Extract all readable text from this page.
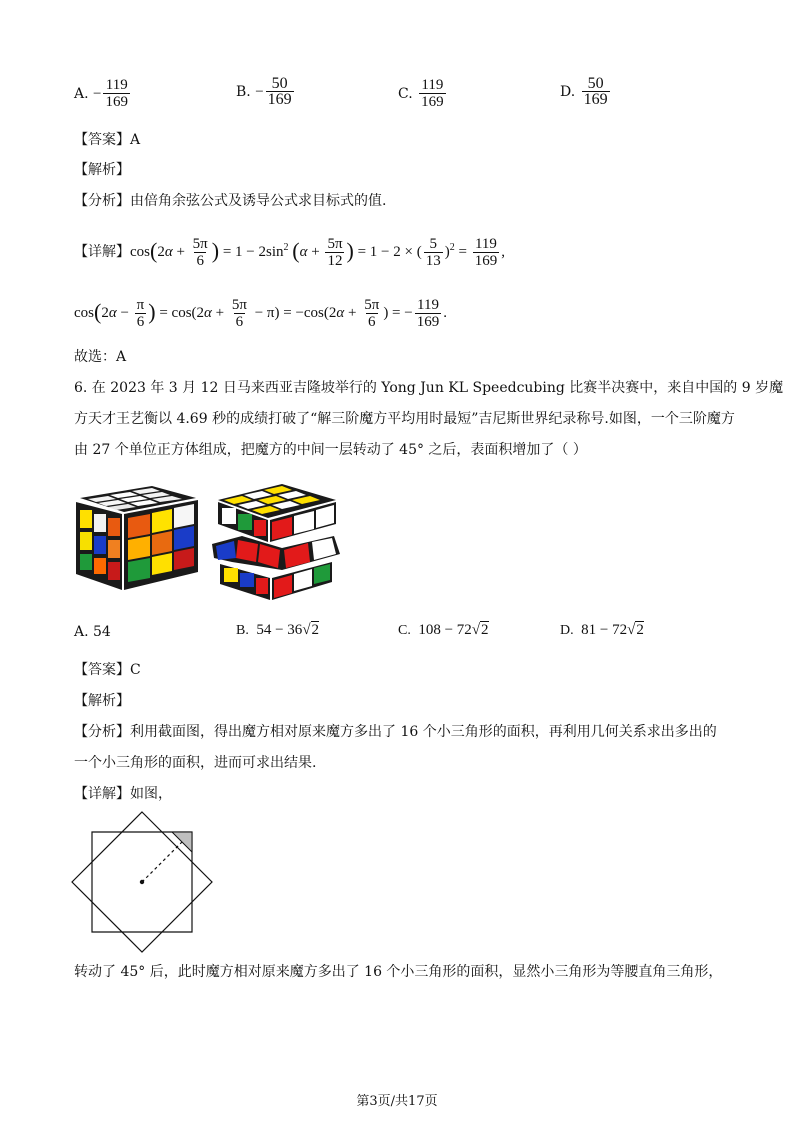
A. − $\frac{119}{169}$	B. − $\frac{50}{169}$	C. $\frac{119}{169}$	D. $\frac{50}{169}$
【答案】A
【解析】
【分析】由倍角余弦公式及诱导公式求目标式的值.
【详解】$\cos(2\alpha + \frac{5\pi}{6}$ ) = $1 - 2\sin^2$ ($\alpha + \frac{5\pi}{12}$ ) = 1 − 2 × ( $\frac{5}{13} )^2 = \frac{119}{169}$ ,
$\cos(2\alpha - \frac{\pi}{6}$ ) = $\cos(2\alpha + \frac{5\pi}{6} - \pi) = -\cos(2\alpha + \frac{5\pi}{6}$ ) = − $\frac{119}{169}$ .
故选：A
6. 在 2023 年 3 月 12 日马来西亚吉隆坡举行的 Yong Jun KL Speedcubing 比赛半决赛中，来自中国的 9 岁魔
方天才王艺衡以 4.69 秒的成绩打破了“解三阶魔方平均用时最短”吉尼斯世界纪录称号.如图，一个三阶魔方
由 27 个单位正方体组成，把魔方的中间一层转动了 45° 之后，表面积增加了（ ）
A. 54	B. 54 − 36√2	C. 108 − 72√2	D. 81 − 72√2
【答案】C
【解析】
【分析】利用截面图，得出魔方相对原来魔方多出了 16 个小三角形的面积，再利用几何关系求出多出的
一个小三角形的面积，进而可求出结果.
【详解】如图，
转动了 45° 后，此时魔方相对原来魔方多出了 16 个小三角形的面积，显然小三角形为等腰直角三角形，
第3页/共17页
